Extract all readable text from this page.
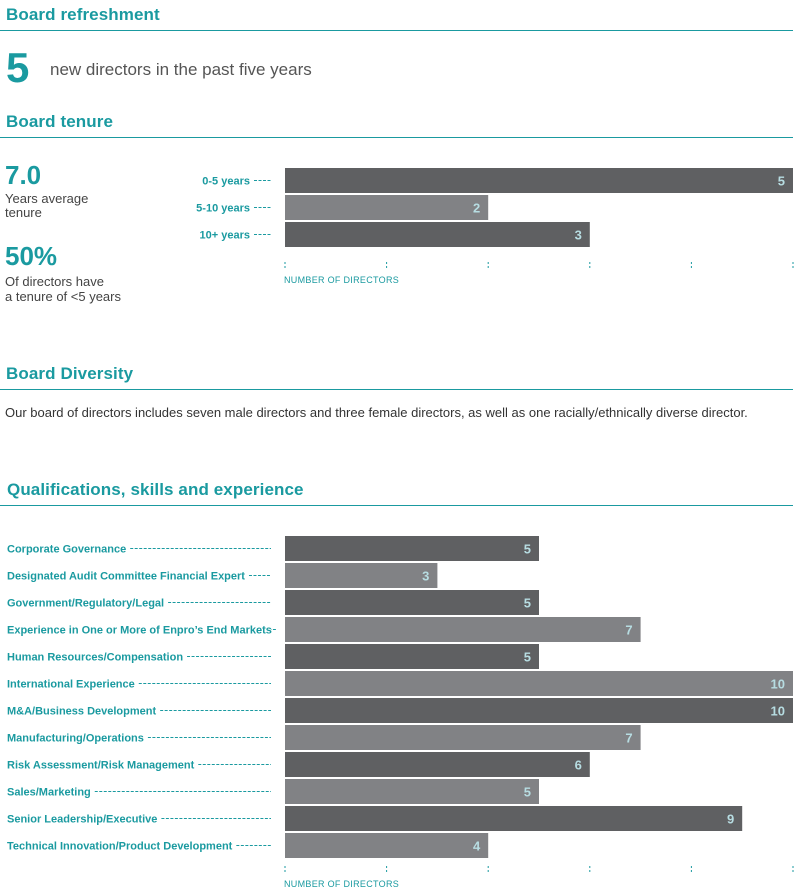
Board refreshment
5 new directors in the past five years
Board tenure
7.0
Years average
tenure
50%
Of directors have
a tenure of <5 years
0-5 years	5
5-10 years	2
10+ years	3
NUMBER OF DIRECTORS
Board Diversity
Our board of directors includes seven male directors and three female directors, as well as one racially/ethnically diverse director.
Qualifications, skills and experience
Corporate Governance	5
Designated Audit Committee Financial Expert	3
Government/Regulatory/Legal	5
Experience in One or More of Enpro’s End Markets	7
Human Resources/Compensation	5
International Experience	10
M&A/Business Development	10
Manufacturing/Operations	7
Risk Assessment/Risk Management	6
Sales/Marketing	5
Senior Leadership/Executive	9
Technical Innovation/Product Development	4
NUMBER OF DIRECTORS
